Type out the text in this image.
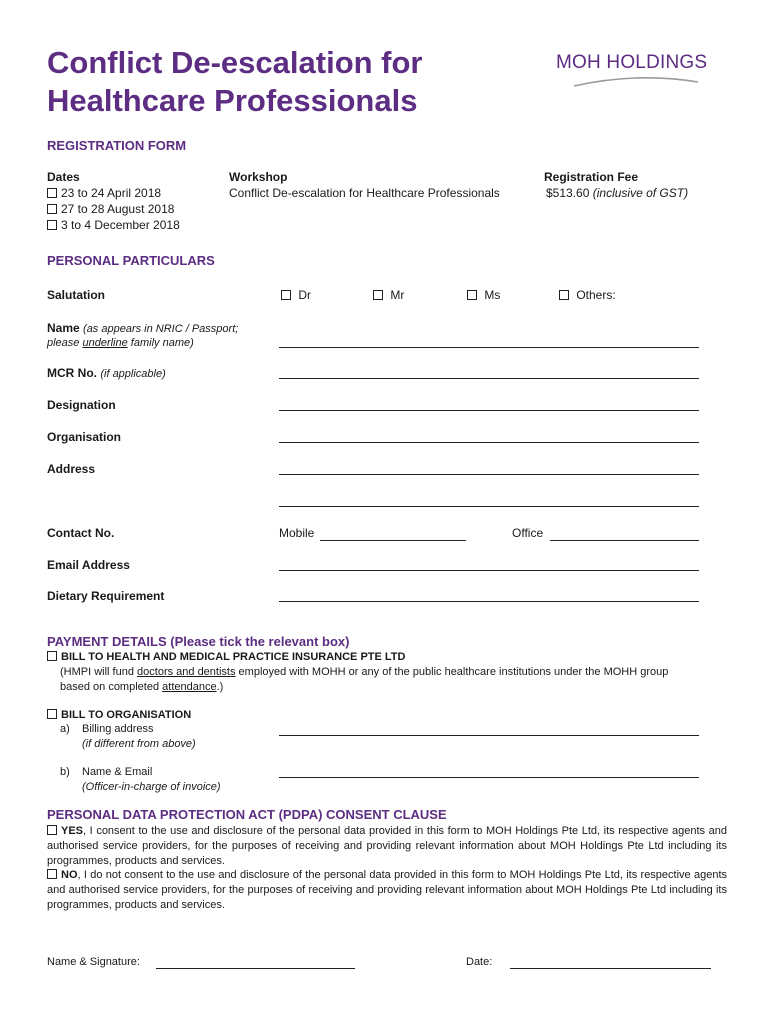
Conflict De-escalation for
Healthcare Professionals
MOH HOLDINGS
REGISTRATION FORM
Dates
23 to 24 April 2018
27 to 28 August 2018
3 to 4 December 2018
Workshop
Conflict De-escalation for Healthcare Professionals
Registration Fee
$513.60 (inclusive of GST)
PERSONAL PARTICULARS
Salutation	Dr	Mr	Ms	Others:
Name (as appears in NRIC / Passport;
please underline family name)
MCR No. (if applicable)
Designation
Organisation
Address
Contact No.	Mobile	Office
Email Address
Dietary Requirement
PAYMENT DETAILS (Please tick the relevant box)
BILL TO HEALTH AND MEDICAL PRACTICE INSURANCE PTE LTD
(HMPI will fund doctors and dentists employed with MOHH or any of the public healthcare institutions under the MOHH group
based on completed attendance.)
BILL TO ORGANISATION
a) Billing address
(if different from above)
b) Name & Email
(Officer-in-charge of invoice)
PERSONAL DATA PROTECTION ACT (PDPA) CONSENT CLAUSE
YES, I consent to the use and disclosure of the personal data provided in this form to MOH Holdings Pte Ltd, its respective agents and authorised service providers, for the purposes of receiving and providing relevant information about MOH Holdings Pte Ltd including its programmes, products and services.
NO, I do not consent to the use and disclosure of the personal data provided in this form to MOH Holdings Pte Ltd, its respective agents and authorised service providers, for the purposes of receiving and providing relevant information about MOH Holdings Pte Ltd including its programmes, products and services.
Name & Signature:	Date:
